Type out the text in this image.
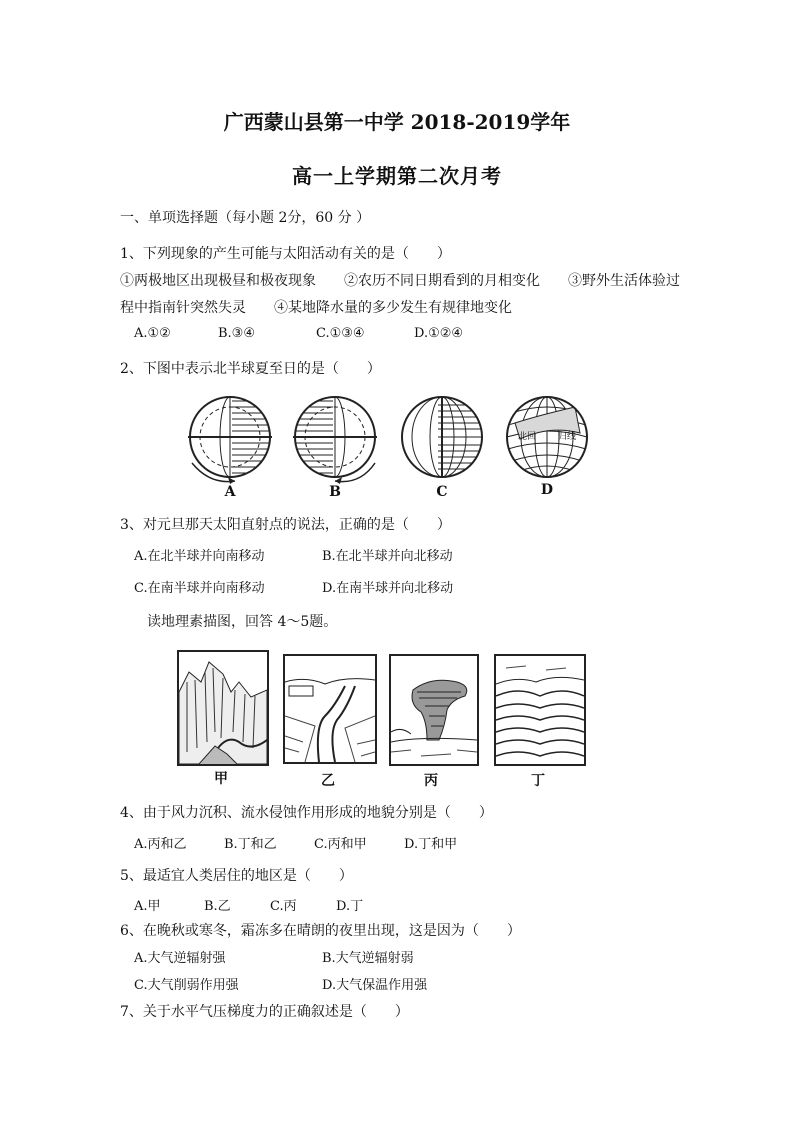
广西蒙山县第一中学 2018-2019学年
高一上学期第二次月考
一、单项选择题（每小题 2分，60 分 ）
1、下列现象的产生可能与太阳活动有关的是（　　）
①两极地区出现极昼和极夜现象　　②农历不同日期看到的月相变化　　③野外生活体验过
程中指南针突然失灵　　④某地降水量的多少发生有规律地变化
A.①②	B.③④	C.①③④	D.①②④
2、下图中表示北半球夏至日的是（　　）
北回 归线
A	B	C	D
3、对元旦那天太阳直射点的说法，正确的是（　　）
A.在北半球并向南移动	B.在北半球并向北移动
C.在南半球并向南移动	D.在南半球并向北移动
读地理素描图，回答 4～5题。
甲	乙	丙	丁
4、由于风力沉积、流水侵蚀作用形成的地貌分别是（　　）
A.丙和乙	B.丁和乙	C.丙和甲	D.丁和甲
5、最适宜人类居住的地区是（　　）
A.甲	B.乙	C.丙	D.丁
6、在晚秋或寒冬，霜冻多在晴朗的夜里出现，这是因为（　　）
A.大气逆辐射强	B.大气逆辐射弱
C.大气削弱作用强	D.大气保温作用强
7、关于水平气压梯度力的正确叙述是（　　）
